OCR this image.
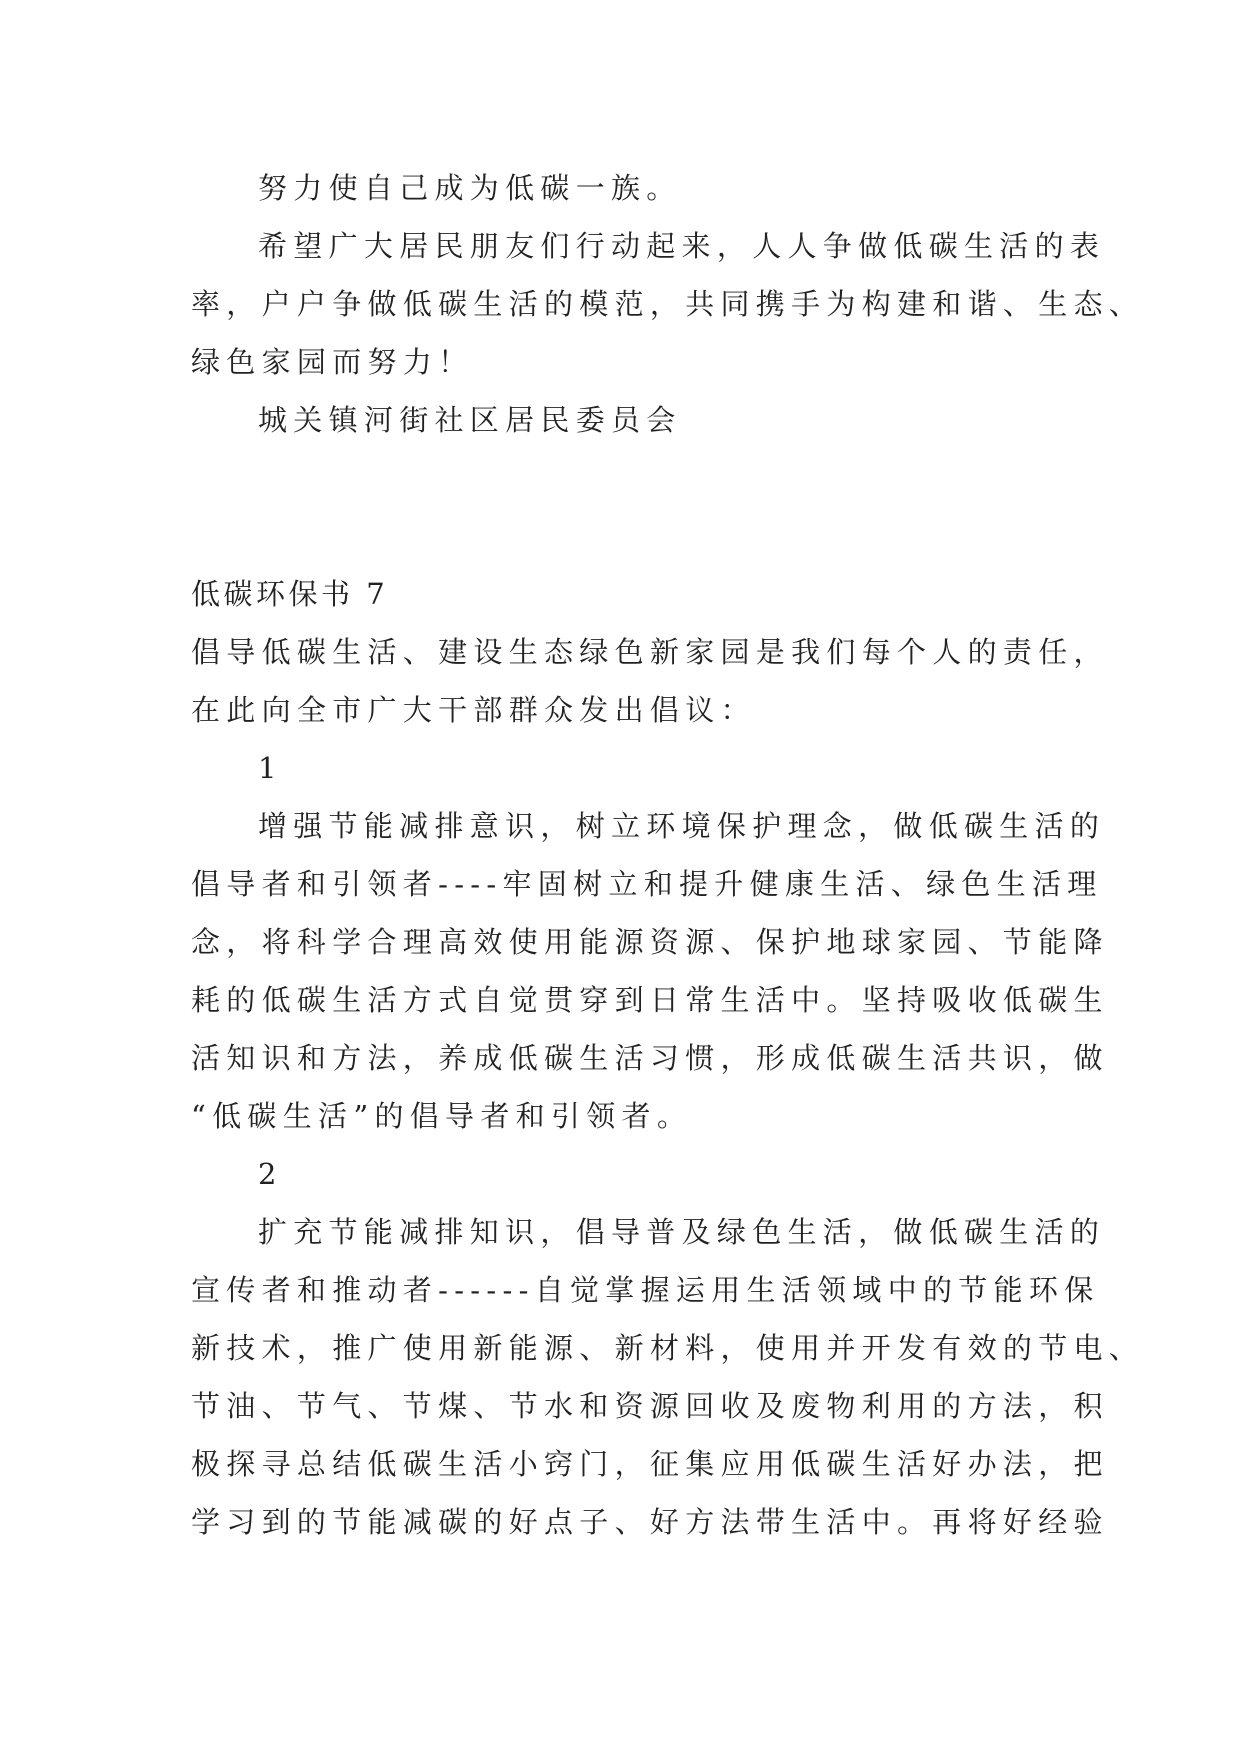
努力使自己成为低碳一族。
希望广大居民朋友们行动起来，人人争做低碳生活的表
率，户户争做低碳生活的模范，共同携手为构建和谐、生态、
绿色家园而努力！
城关镇河街社区居民委员会
低碳环保书 7
倡导低碳生活、建设生态绿色新家园是我们每个人的责任，
在此向全市广大干部群众发出倡议：
1
增强节能减排意识，树立环境保护理念，做低碳生活的
倡导者和引领者----牢固树立和提升健康生活、绿色生活理
念，将科学合理高效使用能源资源、保护地球家园、节能降
耗的低碳生活方式自觉贯穿到日常生活中。坚持吸收低碳生
活知识和方法，养成低碳生活习惯，形成低碳生活共识，做
“低碳生活”的倡导者和引领者。
2
扩充节能减排知识，倡导普及绿色生活，做低碳生活的
宣传者和推动者------自觉掌握运用生活领域中的节能环保
新技术，推广使用新能源、新材料，使用并开发有效的节电、
节油、节气、节煤、节水和资源回收及废物利用的方法，积
极探寻总结低碳生活小窍门，征集应用低碳生活好办法，把
学习到的节能减碳的好点子、好方法带生活中。再将好经验
